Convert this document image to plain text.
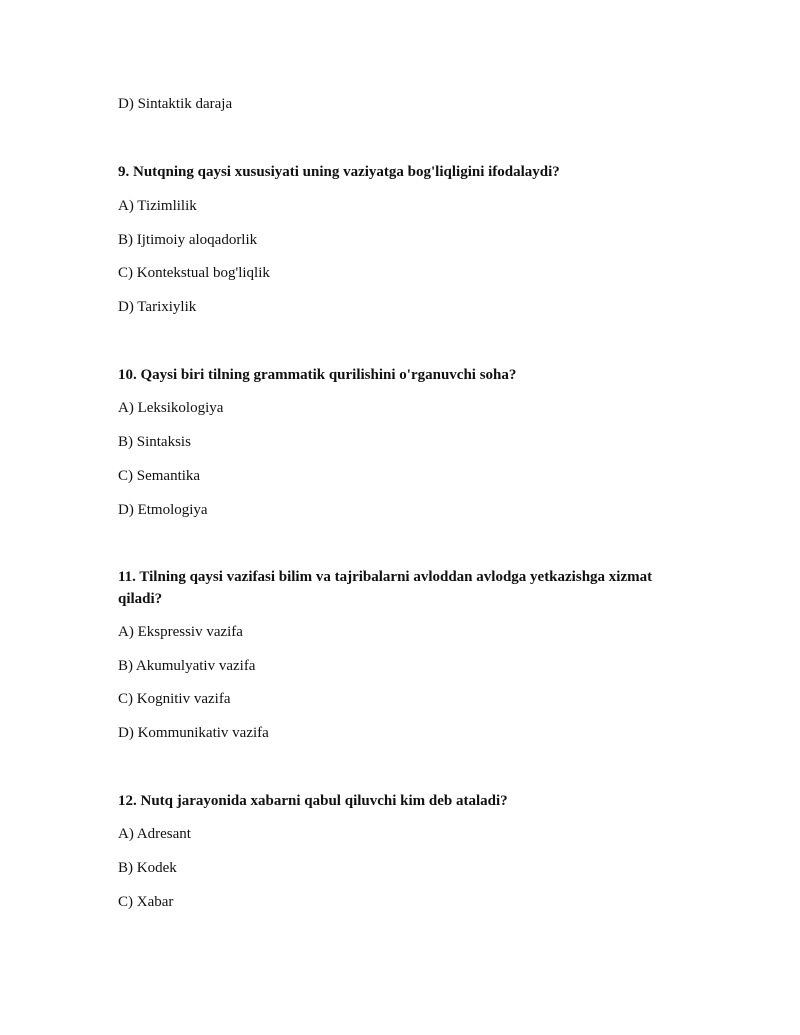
D) Sintaktik daraja
9. Nutqning qaysi xususiyati uning vaziyatga bog'liqligini ifodalaydi?
A) Tizimlilik
B) Ijtimoiy aloqadorlik
C) Kontekstual bog'liqlik
D) Tarixiylik
10. Qaysi biri tilning grammatik qurilishini o'rganuvchi soha?
A) Leksikologiya
B) Sintaksis
C) Semantika
D) Etmologiya
11. Tilning qaysi vazifasi bilim va tajribalarni avloddan avlodga yetkazishga xizmat qiladi?
A) Ekspressiv vazifa
B) Akumulyativ vazifa
C) Kognitiv vazifa
D) Kommunikativ vazifa
12. Nutq jarayonida xabarni qabul qiluvchi kim deb ataladi?
A) Adresant
B) Kodek
C) Xabar
